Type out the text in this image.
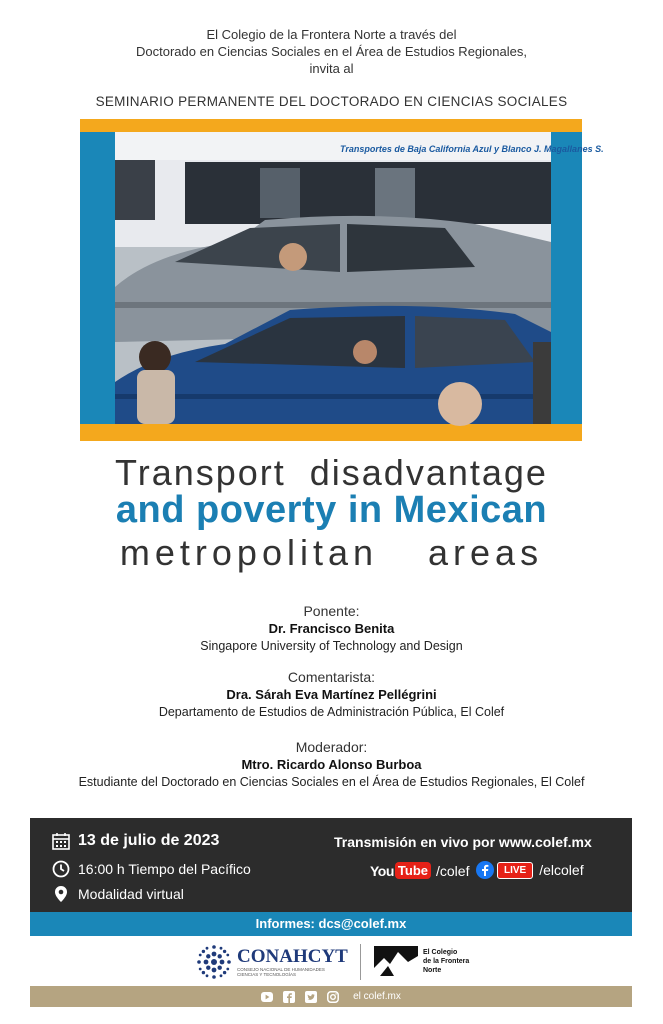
El Colegio de la Frontera Norte a través del
Doctorado en Ciencias Sociales en el Área de Estudios Regionales,
invita al
SEMINARIO PERMANENTE DEL DOCTORADO EN CIENCIAS SOCIALES
Transportes de Baja California Azul y Blanco J. Magallanes S.
Transport  disadvantage
and poverty in Mexican
metropolitan  areas
Ponente:
Dr. Francisco Benita
Singapore University of Technology and Design
Comentarista:
Dra. Sárah Eva Martínez Pellégrini
Departamento de Estudios de Administración Pública, El Colef
Moderador:
Mtro. Ricardo Alonso Burboa
Estudiante del Doctorado en Ciencias Sociales en el Área de Estudios Regionales, El Colef
13 de julio de 2023
16:00 h Tiempo del Pacífico
Modalidad virtual
Transmisión en vivo por www.colef.mx
You Tube /colef	LIVE /elcolef
Informes: dcs@colef.mx
CONAHCYT
CONSEJO NACIONAL DE HUMANIDADES
CIENCIAS Y TECNOLOGÍAS
El Colegio
de la Frontera
Norte
el colef.mx
